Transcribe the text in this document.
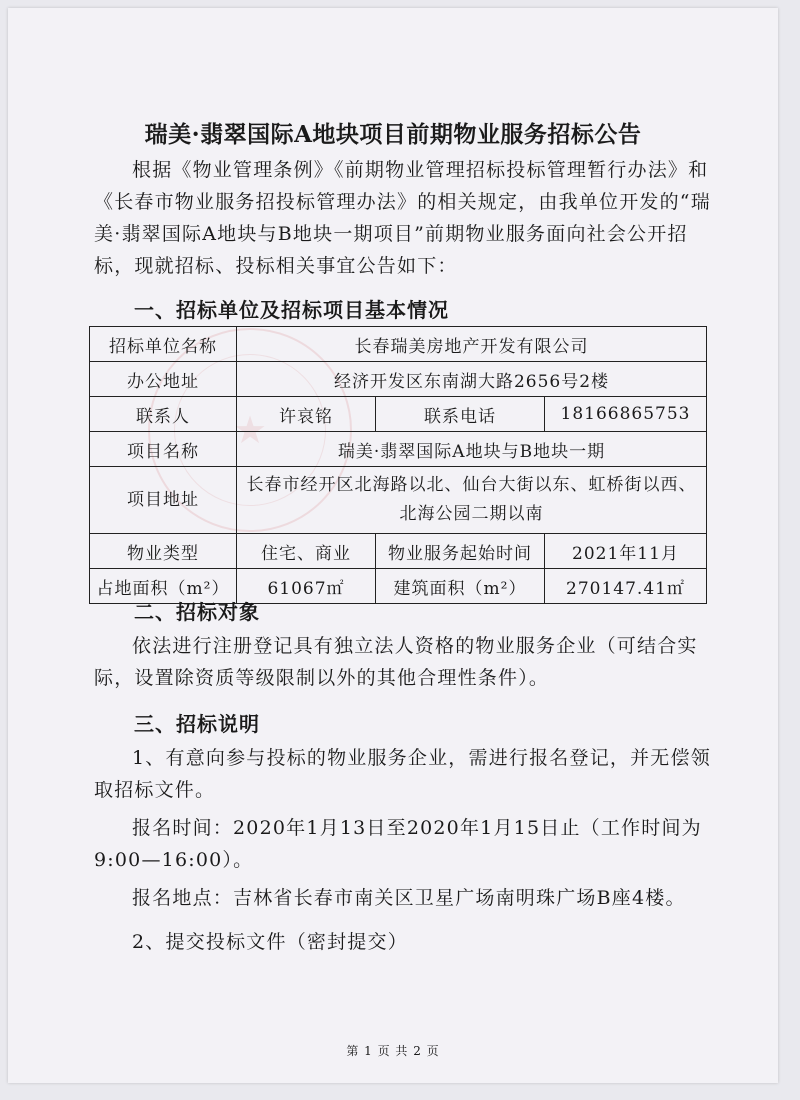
★
瑞美·翡翠国际A地块项目前期物业服务招标公告

根据《物业管理条例》《前期物业管理招标投标管理暂行办法》和《长春市物业服务招投标管理办法》的相关规定，由我单位开发的“瑞美·翡翠国际A地块与B地块一期项目”前期物业服务面向社会公开招标，现就招标、投标相关事宜公告如下：

一、招标单位及招标项目基本情况
招标单位名称	长春瑞美房地产开发有限公司		
办公地址	经济开发区东南湖大路2656号2楼		
联系人	许哀铭	联系电话	18166865753
项目名称	瑞美·翡翠国际A地块与B地块一期		
项目地址	长春市经开区北海路以北、仙台大街以东、虹桥街以西、北海公园二期以南		
物业类型	住宅、商业	物业服务起始时间	2021年11月
占地面积（m²）	61067㎡	建筑面积（m²）	270147.41㎡
二、招标对象

依法进行注册登记具有独立法人资格的物业服务企业（可结合实际，设置除资质等级限制以外的其他合理性条件）。

三、招标说明

1、有意向参与投标的物业服务企业，需进行报名登记，并无偿领取招标文件。

报名时间：2020年1月13日至2020年1月15日止（工作时间为9:00—16:00）。

报名地点：吉林省长春市南关区卫星广场南明珠广场B座4楼。

2、提交投标文件（密封提交）

第 1 页 共 2 页
